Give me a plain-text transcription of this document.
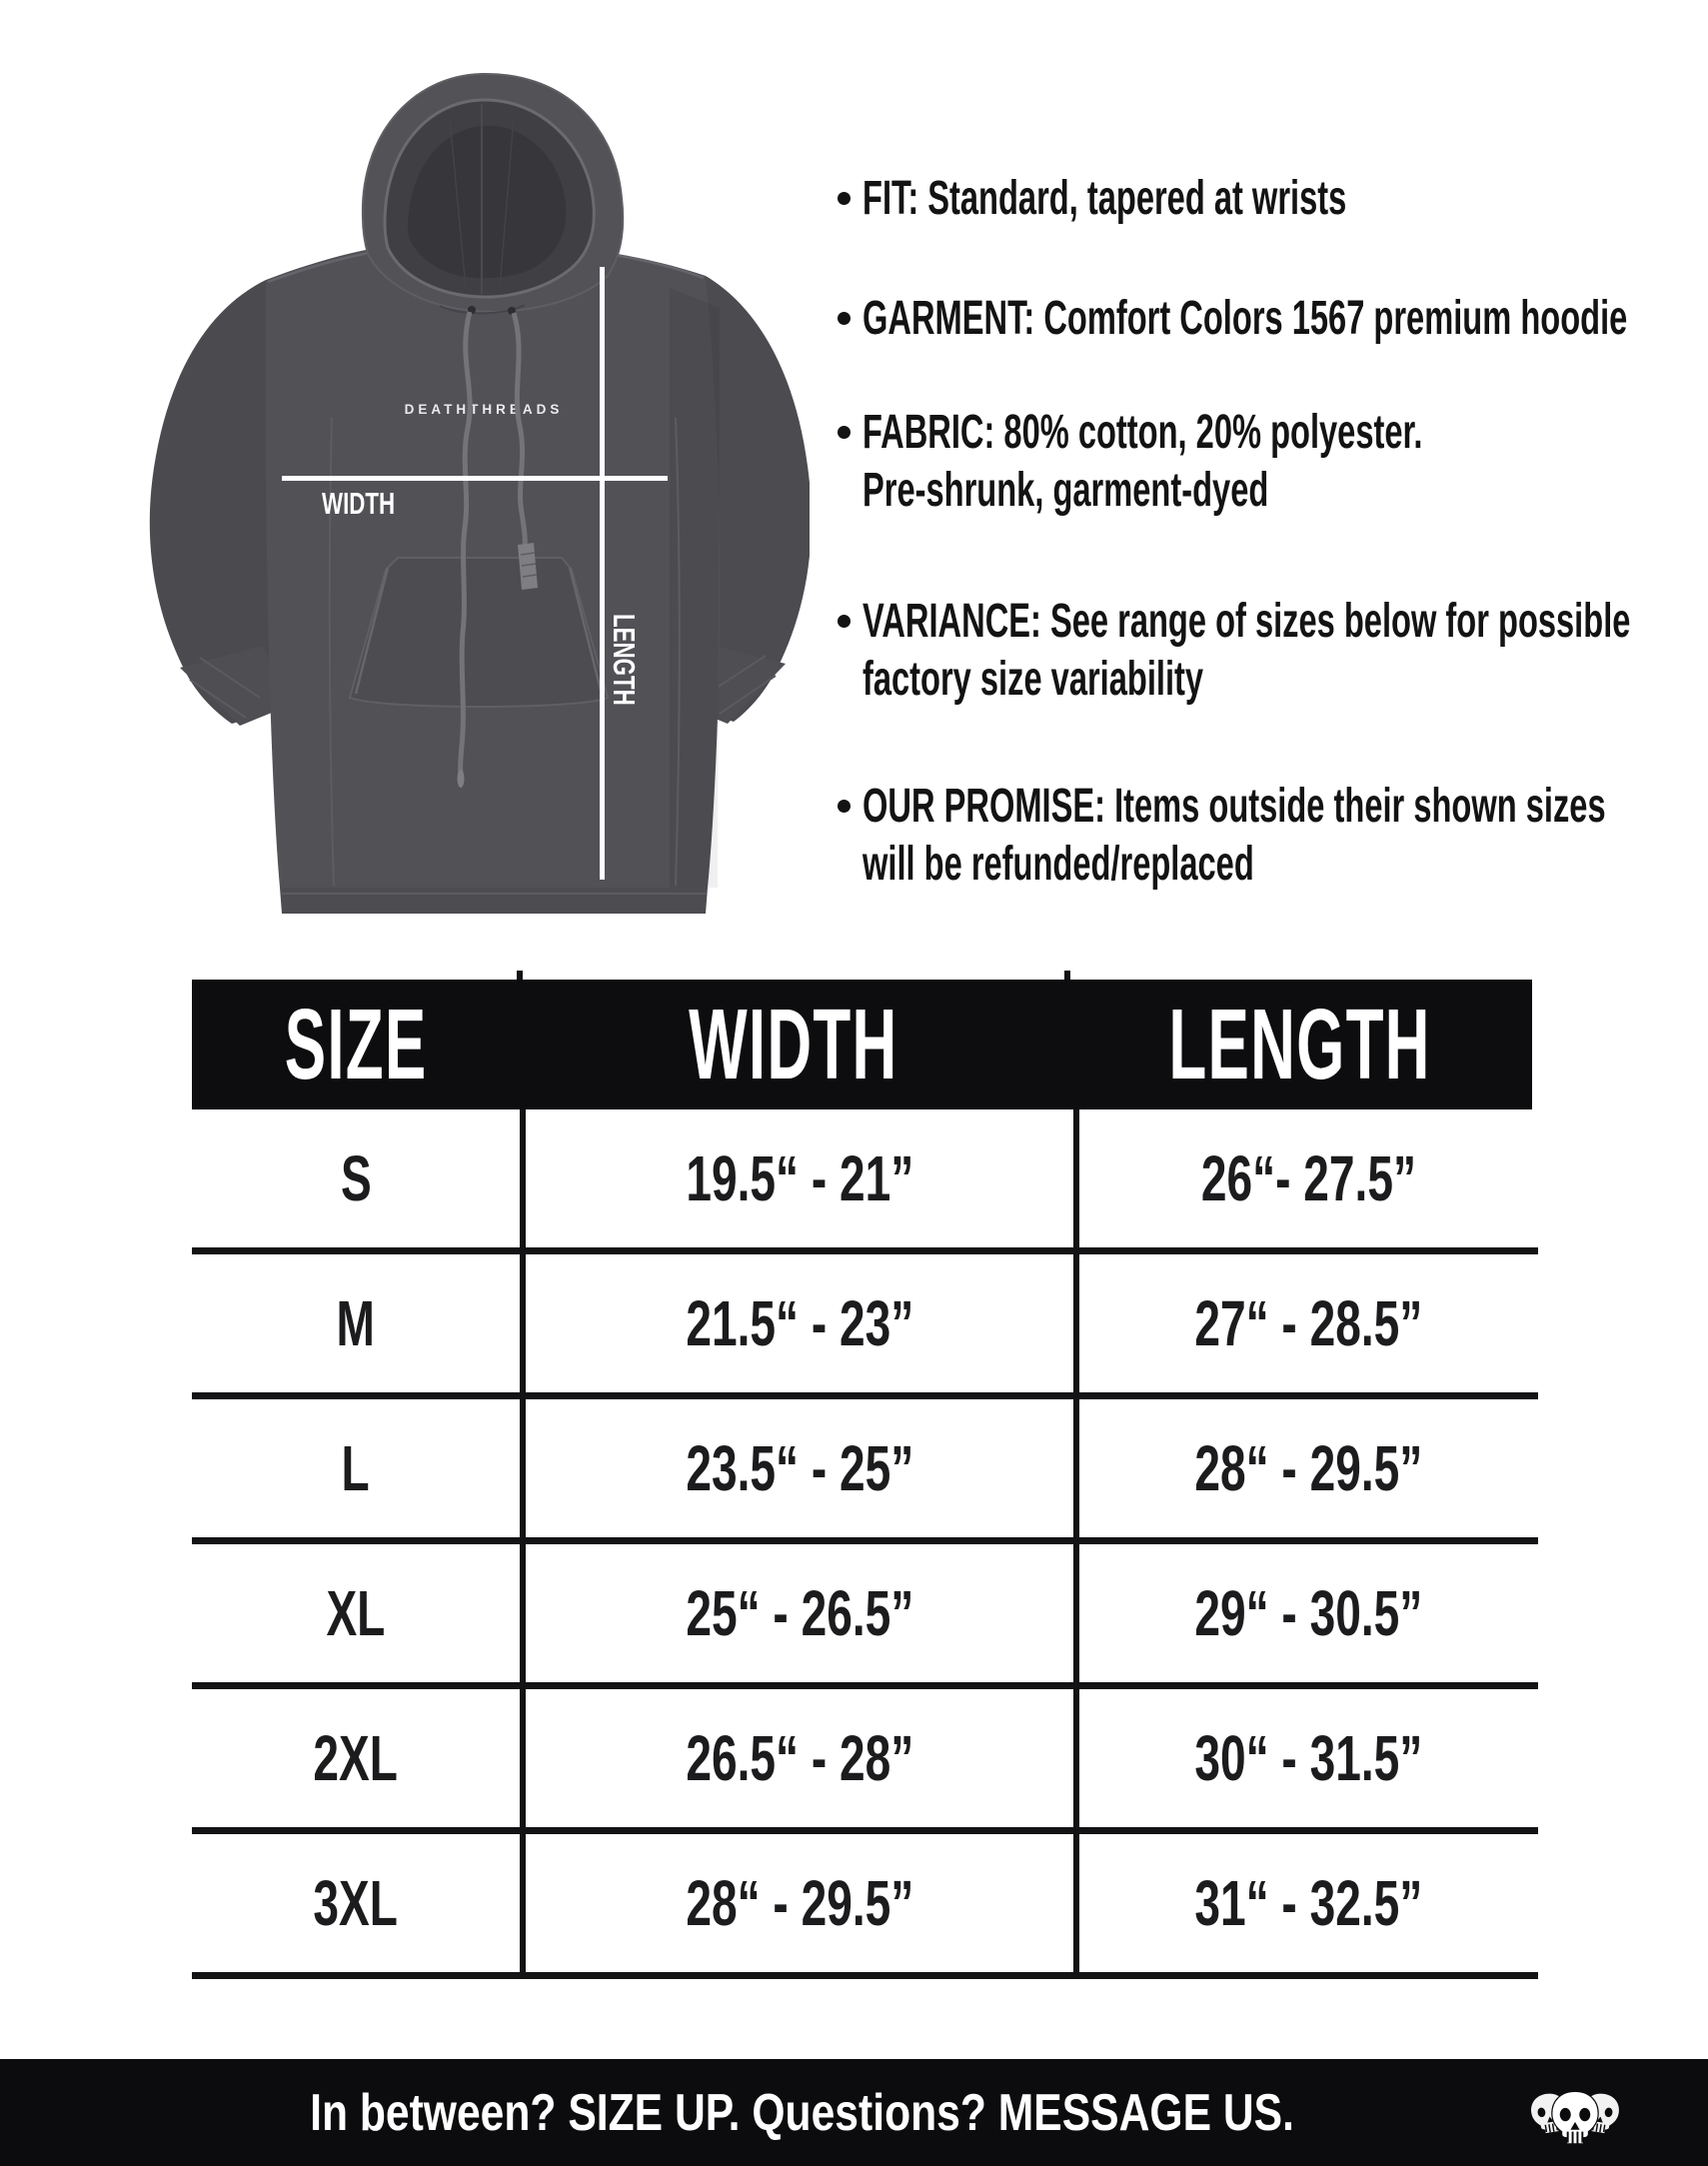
DEATHTHREADS
WIDTH
LENGTH
FIT: Standard, tapered at wrists
GARMENT: Comfort Colors 1567 premium hoodie
FABRIC: 80% cotton, 20% polyester.
Pre-shrunk, garment-dyed
VARIANCE: See range of sizes below for possible
factory size variability
OUR PROMISE: Items outside their shown sizes
will be refunded/replaced
SIZE	WIDTH	LENGTH
S	19.5“ - 21”	26“- 27.5”
M	21.5“ - 23”	27“ - 28.5”
L	23.5“ - 25”	28“ - 29.5”
XL	25“ - 26.5”	29“ - 30.5”
2XL	26.5“ - 28”	30“ - 31.5”
3XL	28“ - 29.5”	31“ - 32.5”
In between? SIZE UP. Questions? MESSAGE US.
